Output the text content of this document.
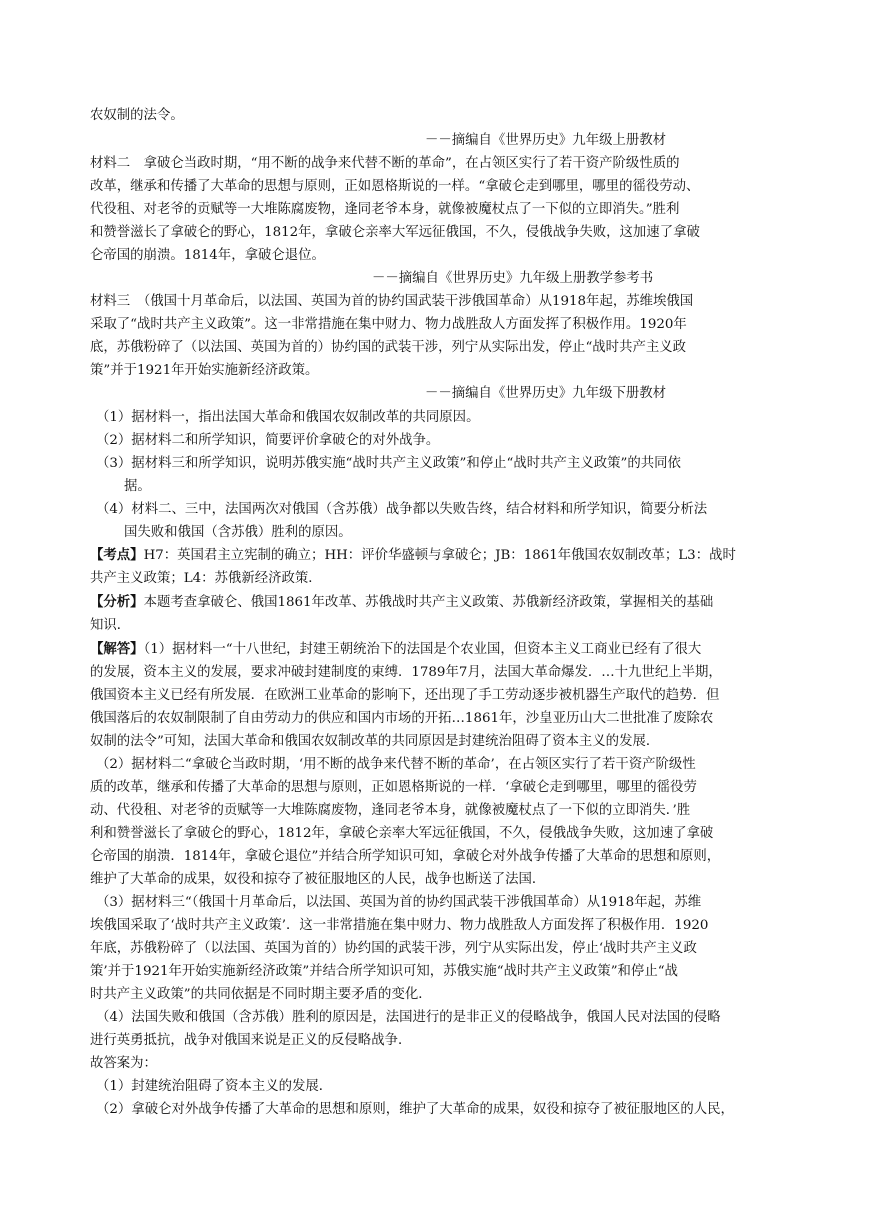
农奴制的法令。
－－摘编自《世界历史》九年级上册教材
材料二　拿破仑当政时期，“用不断的战争来代替不断的革命”，在占领区实行了若干资产阶级性质的
改革，继承和传播了大革命的思想与原则，正如恩格斯说的一样。“拿破仑走到哪里，哪里的徭役劳动、
代役租、对老爷的贡赋等一大堆陈腐废物，逢同老爷本身，就像被魔杖点了一下似的立即消失。”胜利
和赞誉滋长了拿破仑的野心，1812年，拿破仑亲率大军远征俄国，不久，侵俄战争失败，这加速了拿破
仑帝国的崩溃。1814年，拿破仑退位。
－－摘编自《世界历史》九年级上册教学参考书
材料三　（俄国十月革命后，以法国、英国为首的协约国武装干涉俄国革命）从1918年起，苏维埃俄国
采取了“战时共产主义政策”。这一非常措施在集中财力、物力战胜敌人方面发挥了积极作用。1920年
底，苏俄粉碎了（以法国、英国为首的）协约国的武装干涉，列宁从实际出发，停止“战时共产主义政
策”并于1921年开始实施新经济政策。
－－摘编自《世界历史》九年级下册教材
（1）据材料一，指出法国大革命和俄国农奴制改革的共同原因。
（2）据材料二和所学知识，简要评价拿破仑的对外战争。
（3）据材料三和所学知识，说明苏俄实施“战时共产主义政策”和停止“战时共产主义政策”的共同依
据。
（4）材料二、三中，法国两次对俄国（含苏俄）战争都以失败告终，结合材料和所学知识，简要分析法
国失败和俄国（含苏俄）胜利的原因。
【考点】H7：英国君主立宪制的确立；HH：评价华盛顿与拿破仑；JB：1861年俄国农奴制改革；L3：战时
共产主义政策；L4：苏俄新经济政策．
【分析】本题考查拿破仑、俄国1861年改革、苏俄战时共产主义政策、苏俄新经济政策，掌握相关的基础
知识．
【解答】（1）据材料一“十八世纪，封建王朝统治下的法国是个农业国，但资本主义工商业已经有了很大
的发展，资本主义的发展，要求冲破封建制度的束缚．1789年7月，法国大革命爆发．…十九世纪上半期，
俄国资本主义已经有所发展．在欧洲工业革命的影响下，还出现了手工劳动逐步被机器生产取代的趋势．但
俄国落后的农奴制限制了自由劳动力的供应和国内市场的开拓…1861年，沙皇亚历山大二世批准了废除农
奴制的法令”可知，法国大革命和俄国农奴制改革的共同原因是封建统治阻碍了资本主义的发展．
（2）据材料二“拿破仑当政时期，‘用不断的战争来代替不断的革命’，在占领区实行了若干资产阶级性
质的改革，继承和传播了大革命的思想与原则，正如恩格斯说的一样．‘拿破仑走到哪里，哪里的徭役劳
动、代役租、对老爷的贡赋等一大堆陈腐废物，逢同老爷本身，就像被魔杖点了一下似的立即消失．’胜
利和赞誉滋长了拿破仑的野心，1812年，拿破仑亲率大军远征俄国，不久，侵俄战争失败，这加速了拿破
仑帝国的崩溃．1814年，拿破仑退位”并结合所学知识可知，拿破仑对外战争传播了大革命的思想和原则，
维护了大革命的成果，奴役和掠夺了被征服地区的人民，战争也断送了法国．
（3）据材料三“（俄国十月革命后，以法国、英国为首的协约国武装干涉俄国革命）从1918年起，苏维
埃俄国采取了‘战时共产主义政策’．这一非常措施在集中财力、物力战胜敌人方面发挥了积极作用．1920
年底，苏俄粉碎了（以法国、英国为首的）协约国的武装干涉，列宁从实际出发，停止‘战时共产主义政
策’并于1921年开始实施新经济政策”并结合所学知识可知，苏俄实施“战时共产主义政策”和停止“战
时共产主义政策”的共同依据是不同时期主要矛盾的变化．
（4）法国失败和俄国（含苏俄）胜利的原因是，法国进行的是非正义的侵略战争，俄国人民对法国的侵略
进行英勇抵抗，战争对俄国来说是正义的反侵略战争．
故答案为：
（1）封建统治阻碍了资本主义的发展．
（2）拿破仑对外战争传播了大革命的思想和原则，维护了大革命的成果，奴役和掠夺了被征服地区的人民，
